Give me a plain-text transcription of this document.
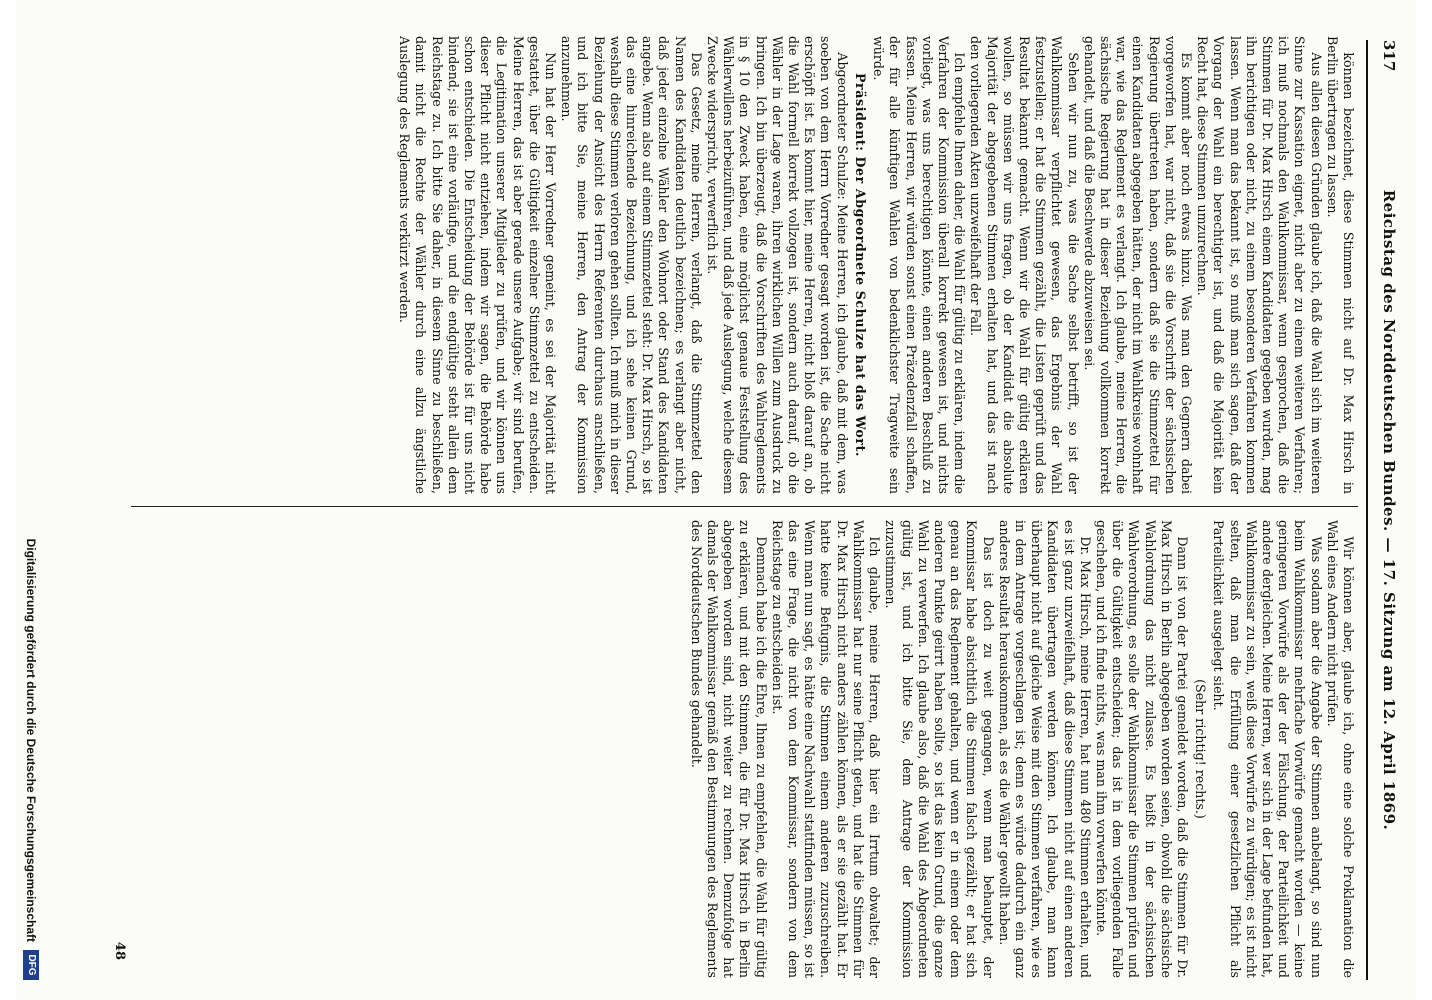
317
Reichstag des Norddeutschen Bundes. — 17. Sitzung am 12. April 1869.

können bezeichnet, diese Stimmen nicht auf Dr. Max Hirsch in Berlin übertragen zu lassen.

Aus allen diesen Gründen glaube ich, daß die Wahl sich im weiteren Sinne zur Kassation eignet, nicht aber zu einem weiteren Verfahren; ich muß nochmals den Wahlkommissar, wenn gesprochen, daß die Stimmen für Dr. Max Hirsch einem Kandidaten gegeben wurden, mag ihn berichtigen oder nicht, zu einem besonderen Verfahren kommen lassen. Wenn man das bekannt ist, so muß man sich sagen, daß der Vorgang der Wahl ein berechtigter ist, und daß die Majorität kein Recht hat, diese Stimmen umzurechnen.

Es kommt aber noch etwas hinzu. Was man den Gegnern dabei vorgeworfen hat, war nicht, daß sie die Vorschrift der sächsischen Regierung übertreten haben, sondern daß sie die Stimmzettel für einen Kandidaten abgegeben hätten, der nicht im Wahlkreise wohnhaft war, wie das Reglement es verlangt. Ich glaube, meine Herren, die sächsische Regierung hat in dieser Beziehung vollkommen korrekt gehandelt, und daß die Beschwerde abzuweisen sei.

Sehen wir nun zu, was die Sache selbst betrifft, so ist der Wahlkommissar verpflichtet gewesen, das Ergebnis der Wahl festzustellen; er hat die Stimmen gezählt, die Listen geprüft und das Resultat bekannt gemacht. Wenn wir die Wahl für gültig erklären wollen, so müssen wir uns fragen, ob der Kandidat die absolute Majorität der abgegebenen Stimmen erhalten hat, und das ist nach den vorliegenden Akten unzweifelhaft der Fall.

Ich empfehle Ihnen daher, die Wahl für gültig zu erklären, indem die Verfahren der Kommission überall korrekt gewesen ist, und nichts vorliegt, was uns berechtigen könnte, einen anderen Beschluß zu fassen. Meine Herren, wir würden sonst einen Präzedenzfall schaffen, der für alle künftigen Wahlen von bedenklichster Tragweite sein würde.

Präsident: Der Abgeordnete Schulze hat das Wort.

Abgeordneter Schulze: Meine Herren, ich glaube, daß mit dem, was soeben von dem Herrn Vorredner gesagt worden ist, die Sache nicht erschöpft ist. Es kommt hier, meine Herren, nicht bloß darauf an, ob die Wahl formell korrekt vollzogen ist, sondern auch darauf, ob die Wähler in der Lage waren, ihren wirklichen Willen zum Ausdruck zu bringen. Ich bin überzeugt, daß die Vorschriften des Wahlreglements in § 10 den Zweck haben, eine möglichst genaue Feststellung des Wählerwillens herbeizuführen, und daß jede Auslegung, welche diesem Zwecke widerspricht, verwerflich ist.

Das Gesetz, meine Herren, verlangt, daß die Stimmzettel den Namen des Kandidaten deutlich bezeichnen; es verlangt aber nicht, daß jeder einzelne Wähler den Wohnort oder Stand des Kandidaten angebe. Wenn also auf einem Stimmzettel steht: Dr. Max Hirsch, so ist das eine hinreichende Bezeichnung, und ich sehe keinen Grund, weshalb diese Stimmen verloren gehen sollten. Ich muß mich in dieser Beziehung der Ansicht des Herrn Referenten durchaus anschließen, und ich bitte Sie, meine Herren, den Antrag der Kommission anzunehmen.

Nun hat der Herr Vorredner gemeint, es sei der Majorität nicht gestattet, über die Gültigkeit einzelner Stimmzettel zu entscheiden. Meine Herren, das ist aber gerade unsere Aufgabe; wir sind berufen, die Legitimation unserer Mitglieder zu prüfen, und wir können uns dieser Pflicht nicht entziehen, indem wir sagen, die Behörde habe schon entschieden. Die Entscheidung der Behörde ist für uns nicht bindend; sie ist eine vorläufige, und die endgültige steht allein dem Reichstage zu. Ich bitte Sie daher, in diesem Sinne zu beschließen, damit nicht die Rechte der Wähler durch eine allzu ängstliche Auslegung des Reglements verkürzt werden.

Wir können aber, glaube ich, ohne eine solche Proklamation die Wahl eines Andern nicht prüfen.

Was sodann aber die Angabe der Stimmen anbelangt, so sind nun beim Wahlkommissar mehrfache Vorwürfe gemacht worden — keine geringeren Vorwürfe als der der Fälschung, der Parteilichkeit und andere dergleichen. Meine Herren, wer sich in der Lage befunden hat, Wahlkommissar zu sein, weiß diese Vorwürfe zu würdigen; es ist nicht selten, daß man die Erfüllung einer gesetzlichen Pflicht als Parteilichkeit ausgelegt sieht.

(Sehr richtig! rechts.)

Dann ist von der Partei gemeldet worden, daß die Stimmen für Dr. Max Hirsch in Berlin abgegeben worden seien, obwohl die sächsische Wahlordnung das nicht zulasse. Es heißt in der sächsischen Wahlverordnung, es solle der Wahlkommissar die Stimmen prüfen und über die Gültigkeit entscheiden; das ist in dem vorliegenden Falle geschehen, und ich finde nichts, was man ihm vorwerfen könnte.

Dr. Max Hirsch, meine Herren, hat nun 480 Stimmen erhalten, und es ist ganz unzweifelhaft, daß diese Stimmen nicht auf einen anderen Kandidaten übertragen werden können. Ich glaube, man kann überhaupt nicht auf gleiche Weise mit den Stimmen verfahren, wie es in dem Antrage vorgeschlagen ist; denn es würde dadurch ein ganz anderes Resultat herauskommen, als es die Wähler gewollt haben.

Das ist doch zu weit gegangen, wenn man behauptet, der Kommissar habe absichtlich die Stimmen falsch gezählt; er hat sich genau an das Reglement gehalten, und wenn er in einem oder dem anderen Punkte geirrt haben sollte, so ist das kein Grund, die ganze Wahl zu verwerfen. Ich glaube also, daß die Wahl des Abgeordneten gültig ist, und ich bitte Sie, dem Antrage der Kommission zuzustimmen.

Ich glaube, meine Herren, daß hier ein Irrtum obwaltet; der Wahlkommissar hat nur seine Pflicht getan, und hat die Stimmen für Dr. Max Hirsch nicht anders zählen können, als er sie gezählt hat. Er hatte keine Befugnis, die Stimmen einem anderen zuzuschreiben. Wenn man nun sagt, es hätte eine Nachwahl stattfinden müssen, so ist das eine Frage, die nicht von dem Kommissar, sondern von dem Reichstage zu entscheiden ist.

Demnach habe ich die Ehre, Ihnen zu empfehlen, die Wahl für gültig zu erklären, und mit den Stimmen, die für Dr. Max Hirsch in Berlin abgegeben worden sind, nicht weiter zu rechnen. Demzufolge hat damals der Wahlkommissar gemäß den Bestimmungen des Reglements des Norddeutschen Bundes gehandelt.

48
Digitalisierung gefördert durch die Deutsche Forschungsgemeinschaft
DFG
